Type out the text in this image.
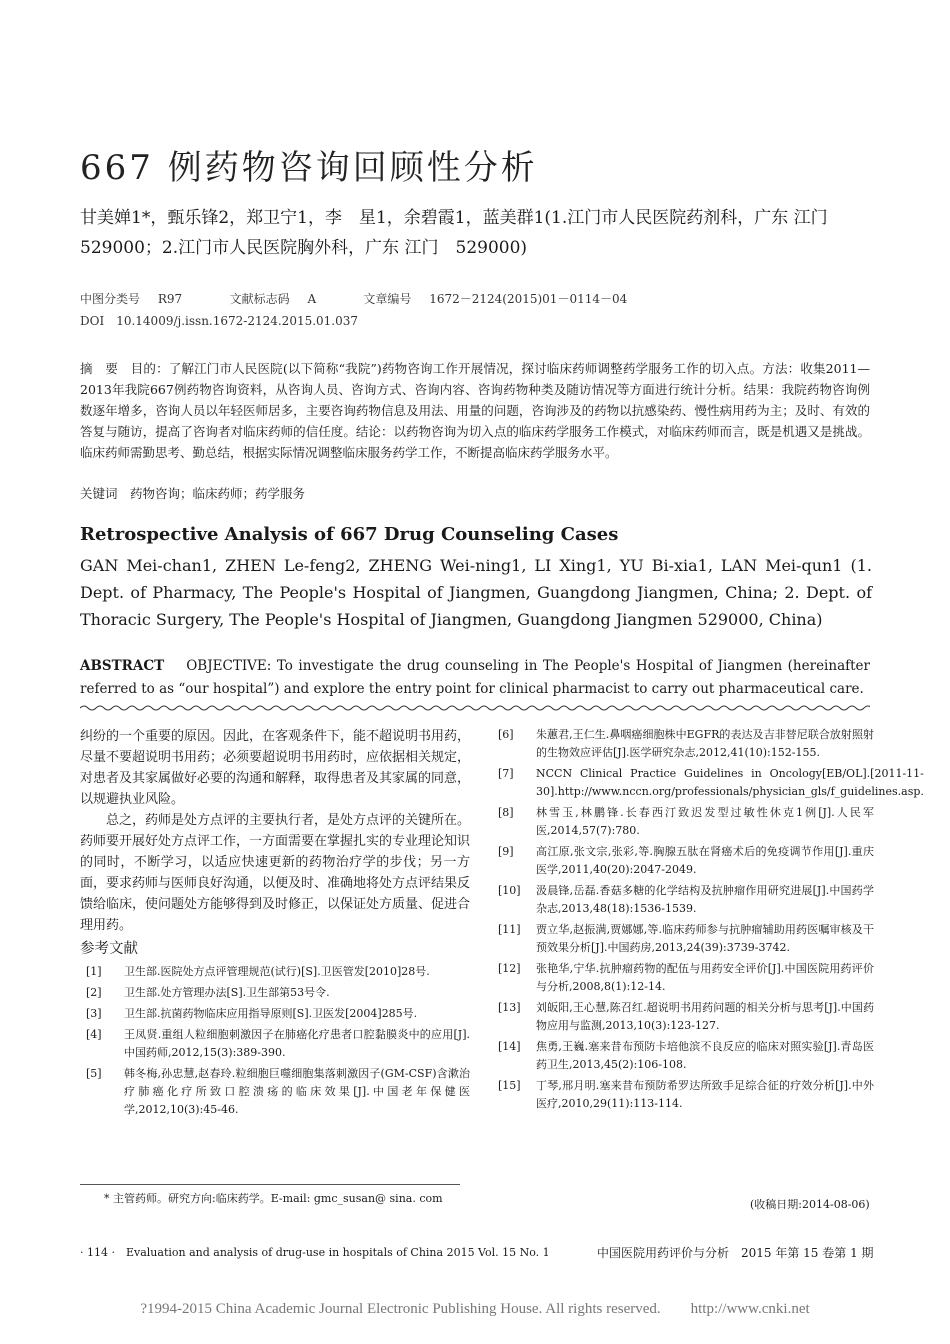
667 例药物咨询回顾性分析
甘美婵1*，甄乐锋2，郑卫宁1，李　星1，余碧霞1，蓝美群1(1.江门市人民医院药剂科，广东 江门　529000；2.江门市人民医院胸外科，广东 江门　529000)
中图分类号 R97	文献标志码 A	文章编号 1672－2124(2015)01－0114－04
DOI　10.14009/j.issn.1672-2124.2015.01.037
摘　要　目的：了解江门市人民医院(以下简称“我院”)药物咨询工作开展情况，探讨临床药师调整药学服务工作的切入点。方法：收集2011—2013年我院667例药物咨询资料，从咨询人员、咨询方式、咨询内容、咨询药物种类及随访情况等方面进行统计分析。结果：我院药物咨询例数逐年增多，咨询人员以年轻医师居多，主要咨询药物信息及用法、用量的问题，咨询涉及的药物以抗感染药、慢性病用药为主；及时、有效的答复与随访，提高了咨询者对临床药师的信任度。结论：以药物咨询为切入点的临床药学服务工作模式，对临床药师而言，既是机遇又是挑战。临床药师需勤思考、勤总结，根据实际情况调整临床服务药学工作，不断提高临床药学服务水平。
关键词　药物咨询；临床药师；药学服务
Retrospective Analysis of 667 Drug Counseling Cases
GAN Mei-chan1, ZHEN Le-feng2, ZHENG Wei-ning1, LI Xing1, YU Bi-xia1, LAN Mei-qun1 (1. Dept. of Pharmacy, The People's Hospital of Jiangmen, Guangdong Jiangmen, China; 2. Dept. of Thoracic Surgery, The People's Hospital of Jiangmen, Guangdong Jiangmen 529000, China)
ABSTRACT OBJECTIVE: To investigate the drug counseling in The People's Hospital of Jiangmen (hereinafter referred to as “our hospital”) and explore the entry point for clinical pharmacist to carry out pharmaceutical care.

纠纷的一个重要的原因。因此，在客观条件下，能不超说明书用药，尽量不要超说明书用药；必须要超说明书用药时，应依据相关规定，对患者及其家属做好必要的沟通和解释，取得患者及其家属的同意，以规避执业风险。

总之，药师是处方点评的主要执行者，是处方点评的关键所在。药师要开展好处方点评工作，一方面需要在掌握扎实的专业理论知识的同时，不断学习，以适应快速更新的药物治疗学的步伐；另一方面，要求药师与医师良好沟通，以便及时、准确地将处方点评结果反馈给临床，使问题处方能够得到及时修正，以保证处方质量、促进合理用药。

参考文献
[1]	卫生部.医院处方点评管理规范(试行)[S].卫医管发[2010]28号.
[2]	卫生部.处方管理办法[S].卫生部第53号令.
[3]	卫生部.抗菌药物临床应用指导原则[S].卫医发[2004]285号.
[4]	王凤贤.重组人粒细胞刺激因子在肺癌化疗患者口腔黏膜炎中的应用[J].中国药师,2012,15(3):389-390.
[5]	韩冬梅,孙忠慧,赵春玲.粒细胞巨噬细胞集落刺激因子(GM-CSF)含漱治疗肺癌化疗所致口腔溃疡的临床效果[J].中国老年保健医学,2012,10(3):45-46.
[6]	朱蕙君,王仁生.鼻咽癌细胞株中EGFR的表达及吉非替尼联合放射照射的生物效应评估[J].医学研究杂志,2012,41(10):152-155.
[7]	NCCN Clinical Practice Guidelines in Oncology[EB/OL].[2011-11-30].http://www.nccn.org/professionals/physician_gls/f_guidelines.asp.
[8]	林雪玉,林鹏锋.长春西汀致迟发型过敏性休克1例[J].人民军医,2014,57(7):780.
[9]	高江原,张文宗,张彩,等.胸腺五肽在肾癌术后的免疫调节作用[J].重庆医学,2011,40(20):2047-2049.
[10]	汲晨锋,岳磊.香菇多糖的化学结构及抗肿瘤作用研究进展[J].中国药学杂志,2013,48(18):1536-1539.
[11]	贾立华,赵振满,贾娜娜,等.临床药师参与抗肿瘤辅助用药医嘱审核及干预效果分析[J].中国药房,2013,24(39):3739-3742.
[12]	张艳华,宁华.抗肿瘤药物的配伍与用药安全评价[J].中国医院用药评价与分析,2008,8(1):12-14.
[13]	刘皈阳,王心慧,陈召红.超说明书用药问题的相关分析与思考[J].中国药物应用与监测,2013,10(3):123-127.
[14]	焦勇,王巍.塞来昔布预防卡培他滨不良反应的临床对照实验[J].青岛医药卫生,2013,45(2):106-108.
[15]	丁琴,邢月明.塞来昔布预防希罗达所致手足综合征的疗效分析[J].中外医疗,2010,29(11):113-114.
* 主管药师。研究方向:临床药学。E-mail: gmc_susan@ sina. com	(收稿日期:2014-08-06)
· 114 ·　Evaluation and analysis of drug-use in hospitals of China 2015 Vol. 15 No. 1	中国医院用药评价与分析　2015 年第 15 卷第 1 期
?1994-2015 China Academic Journal Electronic Publishing House. All rights reserved.　　http://www.cnki.net
